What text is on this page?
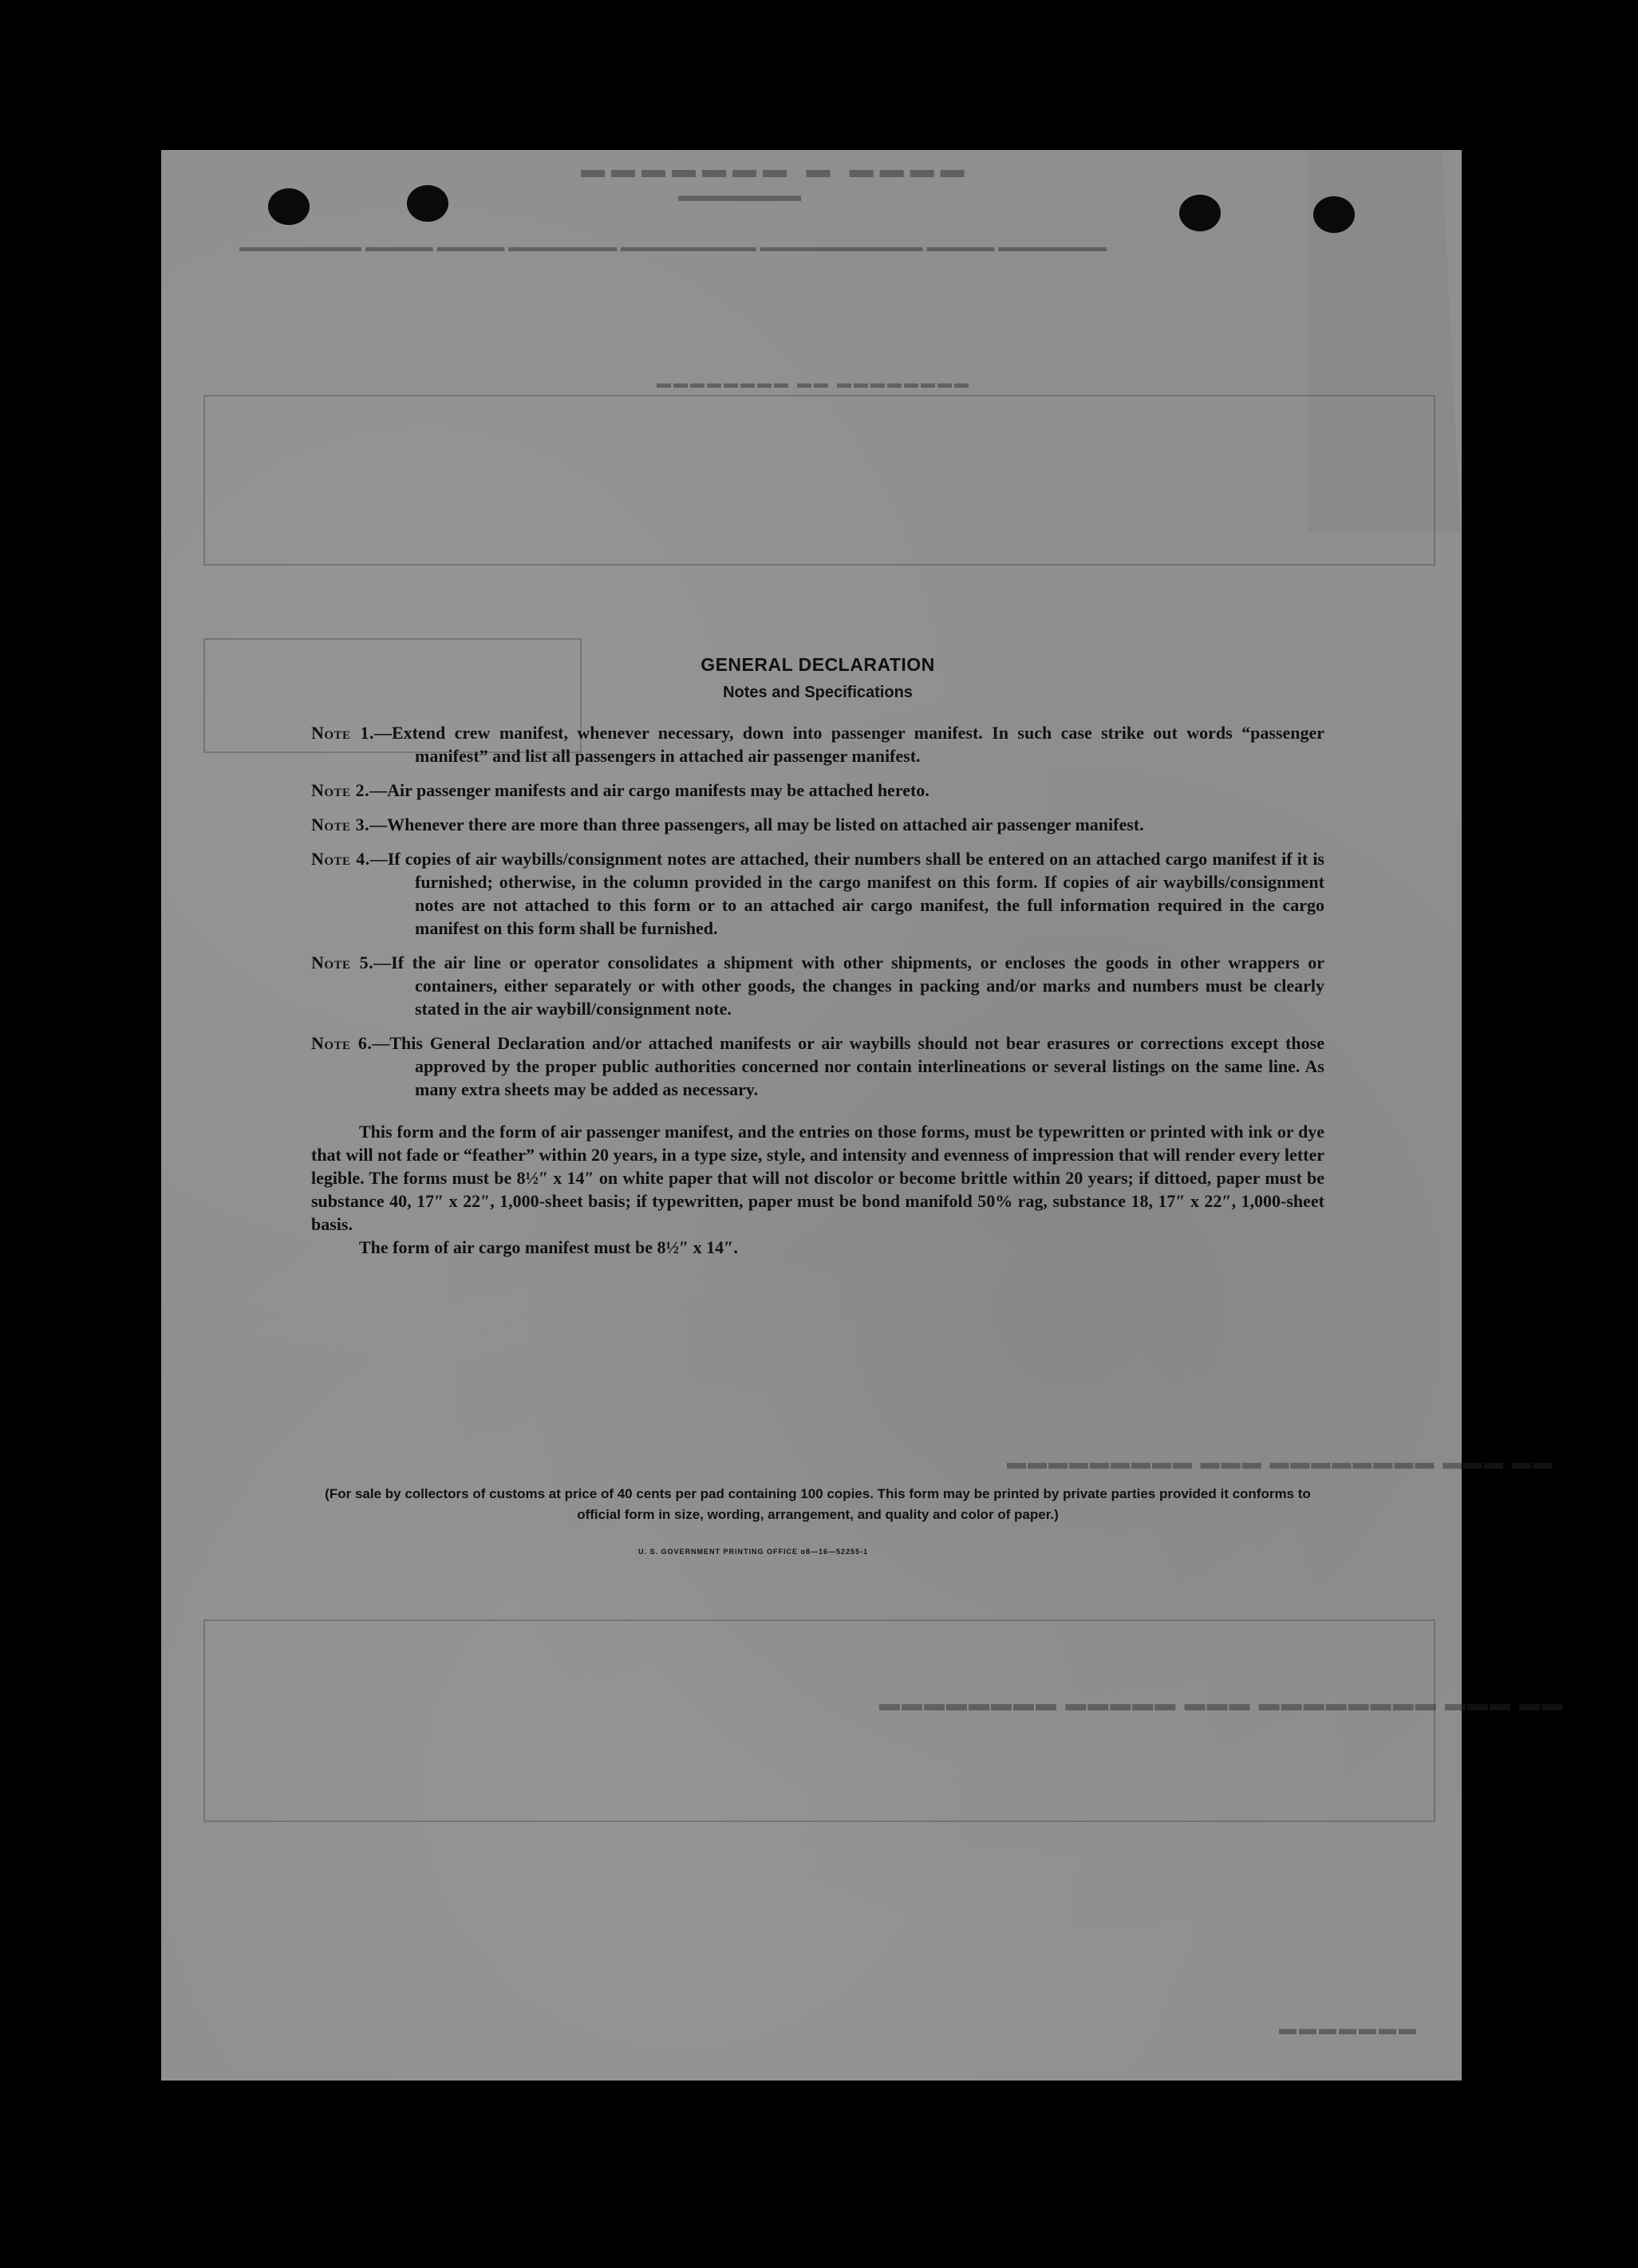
▬▬▬▬ ▬ ▬▬▬▬▬▬▬
▬▬▬▬▬▬▬
▬▬▬▬▬▬▬▬ ▬▬▬▬▬ ▬▬▬▬▬▬▬▬▬▬▬▬ ▬▬▬▬▬▬▬▬▬▬ ▬▬▬▬▬▬▬▬ ▬▬▬▬▬ ▬▬▬▬▬ ▬▬▬▬▬▬▬▬▬
▬▬▬▬▬▬▬▬ ▬▬ ▬▬▬▬▬▬▬▬
▬▬ ▬▬▬ ▬▬▬▬▬▬▬▬ ▬▬▬ ▬▬▬▬▬▬▬▬▬
▬▬ ▬▬▬ ▬▬▬▬▬▬▬▬ ▬▬▬ ▬▬▬▬▬ ▬▬▬▬▬▬▬▬
▬▬▬▬▬▬▬
GENERAL DECLARATION
Notes and Specifications

Note 1.—Extend crew manifest, whenever necessary, down into passenger manifest. In such case strike out words “passenger manifest” and list all passengers in attached air passenger manifest.

Note 2.—Air passenger manifests and air cargo manifests may be attached hereto.

Note 3.—Whenever there are more than three passengers, all may be listed on attached air passenger manifest.

Note 4.—If copies of air waybills/consignment notes are attached, their numbers shall be entered on an attached cargo manifest if it is furnished; otherwise, in the column provided in the cargo manifest on this form. If copies of air waybills/consignment notes are not attached to this form or to an attached air cargo manifest, the full information required in the cargo manifest on this form shall be furnished.

Note 5.—If the air line or operator consolidates a shipment with other shipments, or encloses the goods in other wrappers or containers, either separately or with other goods, the changes in packing and/or marks and numbers must be clearly stated in the air waybill/consignment note.

Note 6.—This General Declaration and/or attached manifests or air waybills should not bear erasures or corrections except those approved by the proper public authorities concerned nor contain interlineations or several listings on the same line. As many extra sheets may be added as necessary.

This form and the form of air passenger manifest, and the entries on those forms, must be typewritten or printed with ink or dye that will not fade or “feather” within 20 years, in a type size, style, and intensity and evenness of impression that will render every letter legible. The forms must be 8½″ x 14″ on white paper that will not discolor or become brittle within 20 years; if dittoed, paper must be substance 40, 17″ x 22″, 1,000-sheet basis; if typewritten, paper must be bond manifold 50% rag, substance 18, 17″ x 22″, 1,000-sheet basis.

The form of air cargo manifest must be 8½″ x 14″.

(For sale by collectors of customs at price of 40 cents per pad containing 100 copies. This form may be printed by private parties provided it conforms to official form in size, wording, arrangement, and quality and color of paper.)
U. S. GOVERNMENT PRINTING OFFICE o8—16—52255-1
